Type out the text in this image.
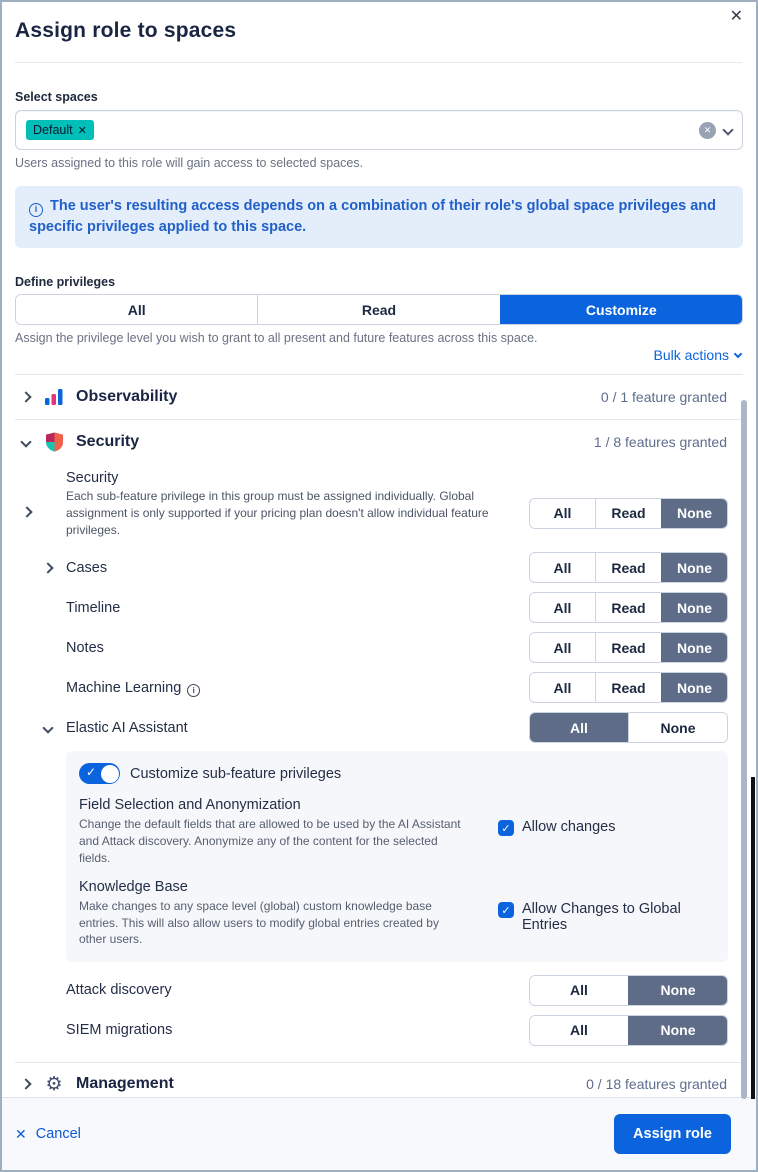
Assign role to spaces
✕
Select spaces
Default ✕	✕
Users assigned to this role will gain access to selected spaces.
i The user's resulting access depends on a combination of their role's global space privileges and specific privileges applied to this space.
Define privileges
All	Read	Customize
Assign the privilege level you wish to grant to all present and future features across this space.
Bulk actions
Observability	0 / 1 feature granted
Security	1 / 8 features granted
Security
Each sub-feature privilege in this group must be assigned individually. Global assignment is only supported if your pricing plan doesn't allow individual feature privileges.
All	Read	None
Cases	All	Read	None
Timeline	All	Read	None
Notes	All	Read	None
Machine Learning	i	All	Read	None
Elastic AI Assistant	All	None
✓ Customize sub-feature privileges
Field Selection and Anonymization
Change the default fields that are allowed to be used by the AI Assistant and Attack discovery. Anonymize any of the content for the selected fields.
✓ Allow changes
Knowledge Base
Make changes to any space level (global) custom knowledge base entries. This will also allow users to modify global entries created by other users.
✓ Allow Changes to Global Entries
Attack discovery	All	None
SIEM migrations	All	None
⚙ Management	0 / 18 features granted
✕ Cancel	Assign role
